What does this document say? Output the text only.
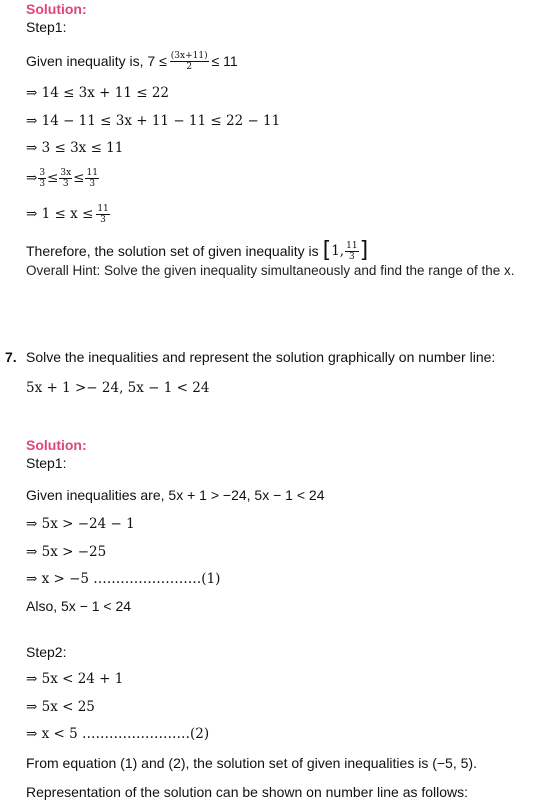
Solution:
Step1:
Given inequality is, $7 \le \frac{(3x+11)}{2} \le 11$
⇒ 14 ≤ 3x + 11 ≤ 22
⇒ 14 − 11 ≤ 3x + 11 − 11 ≤ 22 − 11
⇒ 3 ≤ 3x ≤ 11
⇒ $\frac{3}{3} \le \frac{3x}{3} \le \frac{11}{3}$
⇒ $1 \le x \le \frac{11}{3}$
Therefore, the solution set of given inequality is [ 1, $\frac{11}{3}$ ]
Overall Hint: Solve the given inequality simultaneously and find the range of the x.
7. Solve the inequalities and represent the solution graphically on number line:
5x + 1 >− 24, 5x − 1 < 24
Solution:
Step1:
Given inequalities are, 5x + 1 > −24, 5x − 1 < 24
⇒ 5x > −24 − 1
⇒ 5x > −25
⇒ x > −5 ……………………(1)
Also, 5x − 1 < 24
Step2:
⇒ 5x < 24 + 1
⇒ 5x < 25
⇒ x < 5 ……………………(2)
From equation (1) and (2), the solution set of given inequalities is (−5, 5).
Representation of the solution can be shown on number line as follows:
